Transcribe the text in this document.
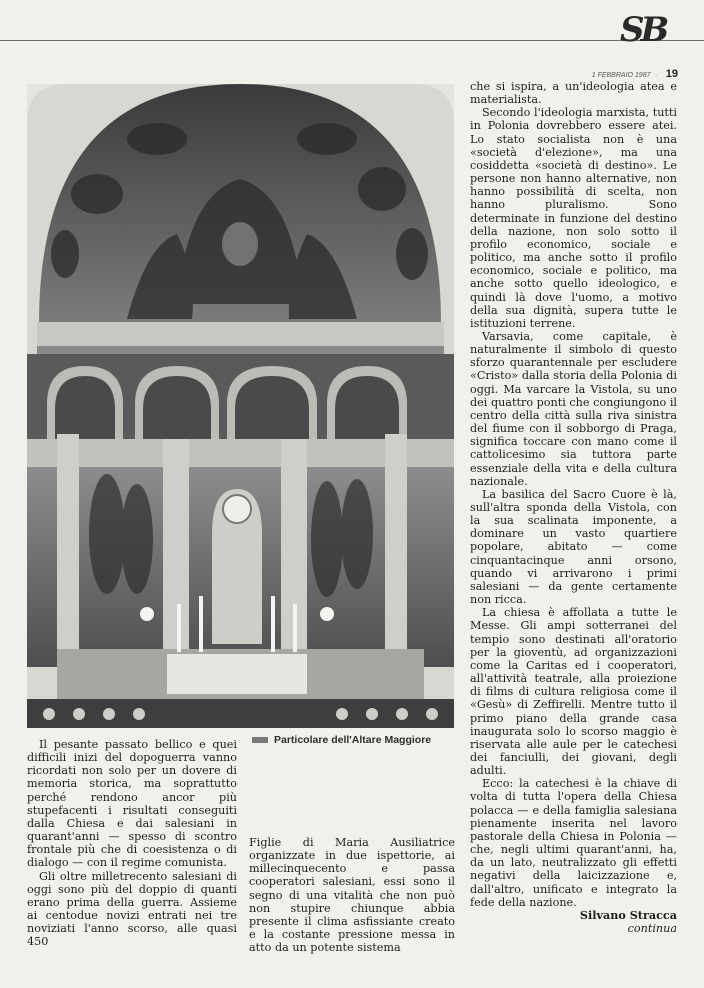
SB
1 FEBBRAIO 1987 · 19
Particolare dell'Altare Maggiore

Il pesante passato bellico e quei difficili inizi del dopoguerra vanno ricordati non solo per un dovere di memoria storica, ma soprattutto perché rendono ancor più stupefacenti i risultati conseguiti dalla Chiesa e dai salesiani in quarant'anni — spesso di scontro frontale più che di coesistenza o di dialogo — con il regime comunista.

Gli oltre milletrecento salesiani di oggi sono più del doppio di quanti erano prima della guerra. Assieme ai centodue novizi entrati nei tre noviziati l'anno scorso, alle quasi 450

Figlie di Maria Ausiliatrice organizzate in due ispettorie, ai millecinquecento e passa cooperatori salesiani, essi sono il segno di una vitalità che non può non stupire chiunque abbia presente il clima asfissiante creato e la costante pressione messa in atto da un potente sistema

che si ispira, a un'ideologia atea e materialista.

Secondo l'ideologia marxista, tutti in Polonia dovrebbero essere atei. Lo stato socialista non è una «società d'elezione», ma una cosiddetta «società di destino». Le persone non hanno alternative, non hanno possibilità di scelta, non hanno pluralismo. Sono determinate in funzione del destino della nazione, non solo sotto il profilo economico, sociale e politico, ma anche sotto il profilo economico, sociale e politico, ma anche sotto quello ideologico, e quindi là dove l'uomo, a motivo della sua dignità, supera tutte le istituzioni terrene.

Varsavia, come capitale, è naturalmente il simbolo di questo sforzo quarantennale per escludere «Cristo» dalla storia della Polonia di oggi. Ma varcare la Vistola, su uno dei quattro ponti che congiungono il centro della città sulla riva sinistra del fiume con il sobborgo di Praga, significa toccare con mano come il cattolicesimo sia tuttora parte essenziale della vita e della cultura nazionale.

La basilica del Sacro Cuore è là, sull'altra sponda della Vistola, con la sua scalinata imponente, a dominare un vasto quartiere popolare, abitato — come cinquantacinque anni orsono, quando vi arrivarono i primi salesiani — da gente certamente non ricca.

La chiesa è affollata a tutte le Messe. Gli ampi sotterranei del tempio sono destinati all'oratorio per la gioventù, ad organizzazioni come la Caritas ed i cooperatori, all'attività teatrale, alla proiezione di films di cultura religiosa come il «Gesù» di Zeffirelli. Mentre tutto il primo piano della grande casa inaugurata solo lo scorso maggio è riservata alle aule per le catechesi dei fanciulli, dei giovani, degli adulti.

Ecco: la catechesi è la chiave di volta di tutta l'opera della Chiesa polacca — e della famiglia salesiana pienamente inserita nel lavoro pastorale della Chiesa in Polonia — che, negli ultimi quarant'anni, ha, da un lato, neutralizzato gli effetti negativi della laicizzazione e, dall'altro, unificato e integrato la fede della nazione.

Silvano Stracca
continua
